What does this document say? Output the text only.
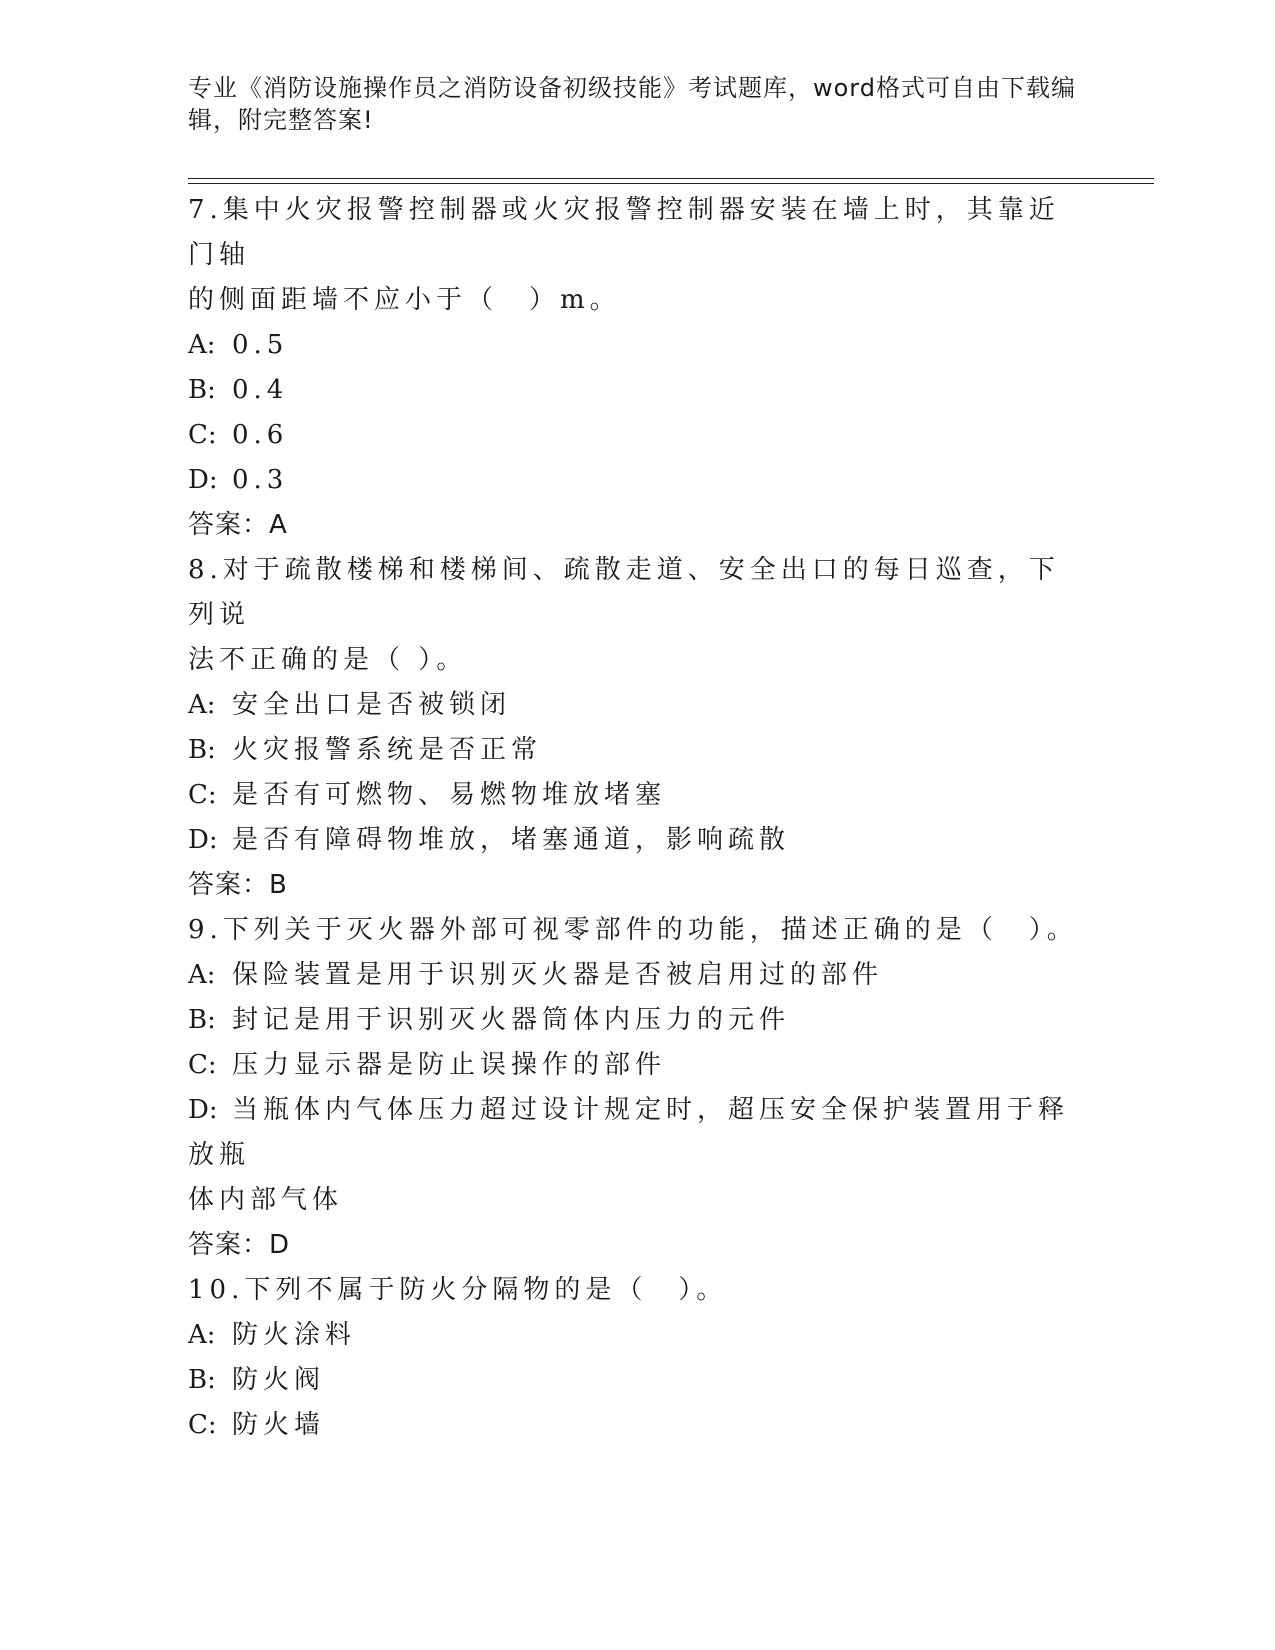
专业《消防设施操作员之消防设备初级技能》考试题库，word格式可自由下载编
辑，附完整答案!
7.集中火灾报警控制器或火灾报警控制器安装在墙上时，其靠近门轴
的侧面距墙不应小于（　）m。
A: 0.5
B: 0.4
C: 0.6
D: 0.3
答案：A
8.对于疏散楼梯和楼梯间、疏散走道、安全出口的每日巡查，下列说
法不正确的是（ ）。
A: 安全出口是否被锁闭
B: 火灾报警系统是否正常
C: 是否有可燃物、易燃物堆放堵塞
D: 是否有障碍物堆放，堵塞通道，影响疏散
答案：B
9.下列关于灭火器外部可视零部件的功能，描述正确的是（　）。
A: 保险装置是用于识别灭火器是否被启用过的部件
B: 封记是用于识别灭火器筒体内压力的元件
C: 压力显示器是防止误操作的部件
D: 当瓶体内气体压力超过设计规定时，超压安全保护装置用于释放瓶
体内部气体
答案：D
10.下列不属于防火分隔物的是（　）。
A: 防火涂料
B: 防火阀
C: 防火墙
